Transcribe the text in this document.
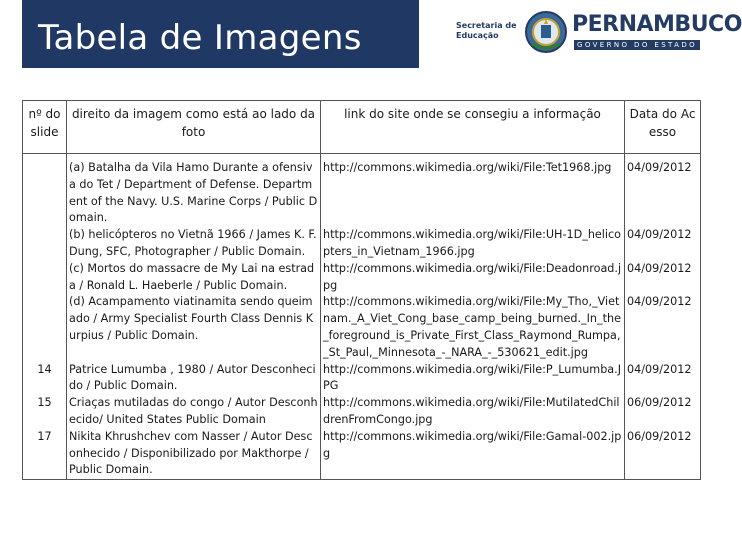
Tabela de Imagens	Secretaria de Educação	PERNAMBUCO
GOVERNO DO ESTADO
nº do slide	direito da imagem como está ao lado da foto	link do site onde se consegiu a informação	Data do Acesso

	(a) Batalha da Vila Hamo Durante a ofensiva do Tet / Department of Defense. Department of the Navy. U.S. Marine Corps / Public Domain.	http://commons.wikimedia.org/wiki/File:Tet1968.jpg	04/09/2012
	(b) helicópteros no Vietnã 1966 / James K. F. Dung, SFC, Photographer / Public Domain.	http://commons.wikimedia.org/wiki/File:UH-1D_helicopters_in_Vietnam_1966.jpg	04/09/2012
	(c) Mortos do massacre de My Lai na estrada / Ronald L. Haeberle / Public Domain.	http://commons.wikimedia.org/wiki/File:Deadonroad.jpg	04/09/2012
	(d) Acampamento viatinamita sendo queimado / Army Specialist Fourth Class Dennis Kurpius / Public Domain.	http://commons.wikimedia.org/wiki/File:My_Tho,_Vietnam._A_Viet_Cong_base_camp_being_burned._In_the_foreground_is_Private_First_Class_Raymond_Rumpa,_St_Paul,_Minnesota_-_NARA_-_530621_edit.jpg	04/09/2012
14	Patrice Lumumba , 1980 / Autor Desconhecido / Public Domain.	http://commons.wikimedia.org/wiki/File:P_Lumumba.JPG	04/09/2012
15	Criaças mutiladas do congo / Autor Desconhecido/ United States Public Domain	http://commons.wikimedia.org/wiki/File:MutilatedChildrenFromCongo.jpg	06/09/2012
17	Nikita Khrushchev com Nasser / Autor Desconhecido / Disponibilizado por Makthorpe / Public Domain.	http://commons.wikimedia.org/wiki/File:Gamal-002.jpg	06/09/2012
